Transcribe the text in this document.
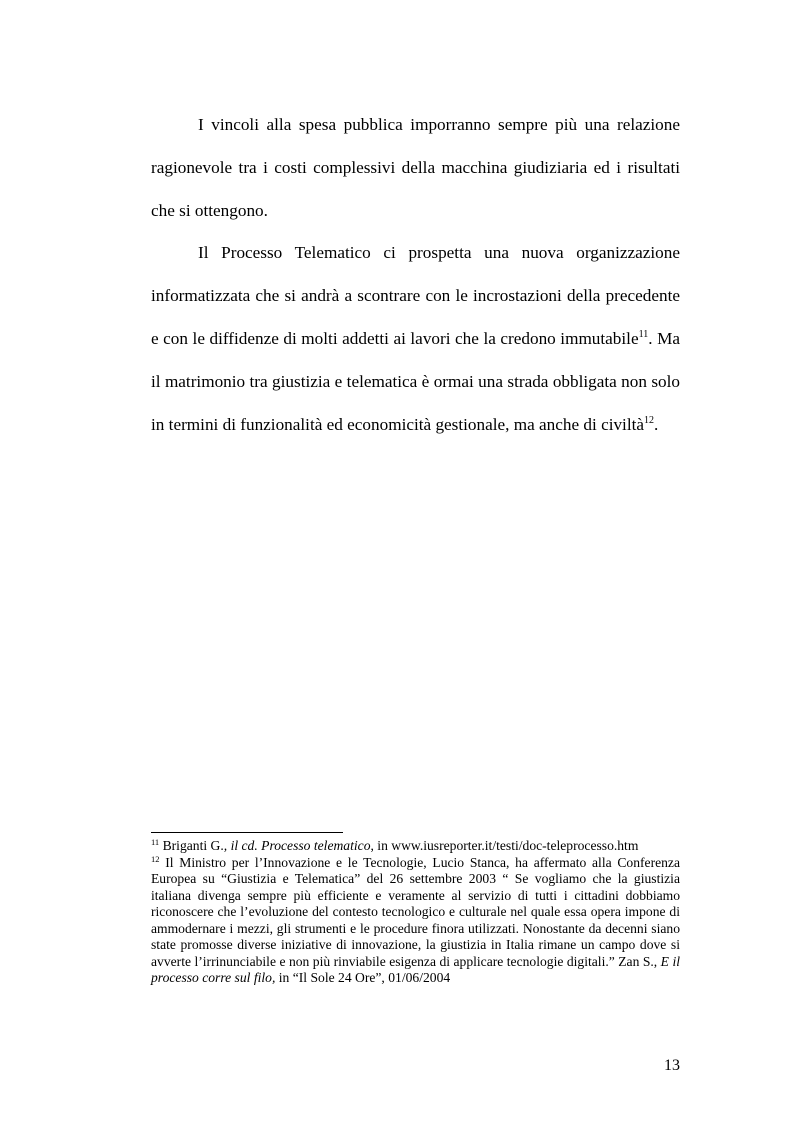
I vincoli alla spesa pubblica imporranno sempre più una relazione ragionevole tra i costi complessivi della macchina giudiziaria ed i risultati che si ottengono.

Il Processo Telematico ci prospetta una nuova organizzazione informatizzata che si andrà a scontrare con le incrostazioni della precedente e con le diffidenze di molti addetti ai lavori che la credono immutabile$^{11}$. Ma il matrimonio tra giustizia e telematica è ormai una strada obbligata non solo in termini di funzionalità ed economicità gestionale, ma anche di civiltà$^{12}$.

$^{11}$ Briganti G., il cd. Processo telematico, in www.iusreporter.it/testi/doc-teleprocesso.htm

$^{12}$ Il Ministro per l’Innovazione e le Tecnologie, Lucio Stanca, ha affermato alla Conferenza Europea su “Giustizia e Telematica” del 26 settembre 2003 “ Se vogliamo che la giustizia italiana divenga sempre più efficiente e veramente al servizio di tutti i cittadini dobbiamo riconoscere che l’evoluzione del contesto tecnologico e culturale nel quale essa opera impone di ammodernare i mezzi, gli strumenti e le procedure finora utilizzati. Nonostante da decenni siano state promosse diverse iniziative di innovazione, la giustizia in Italia rimane un campo dove si avverte l’irrinunciabile e non più rinviabile esigenza di applicare tecnologie digitali.” Zan S., E il processo corre sul filo, in “Il Sole 24 Ore”, 01/06/2004

13
